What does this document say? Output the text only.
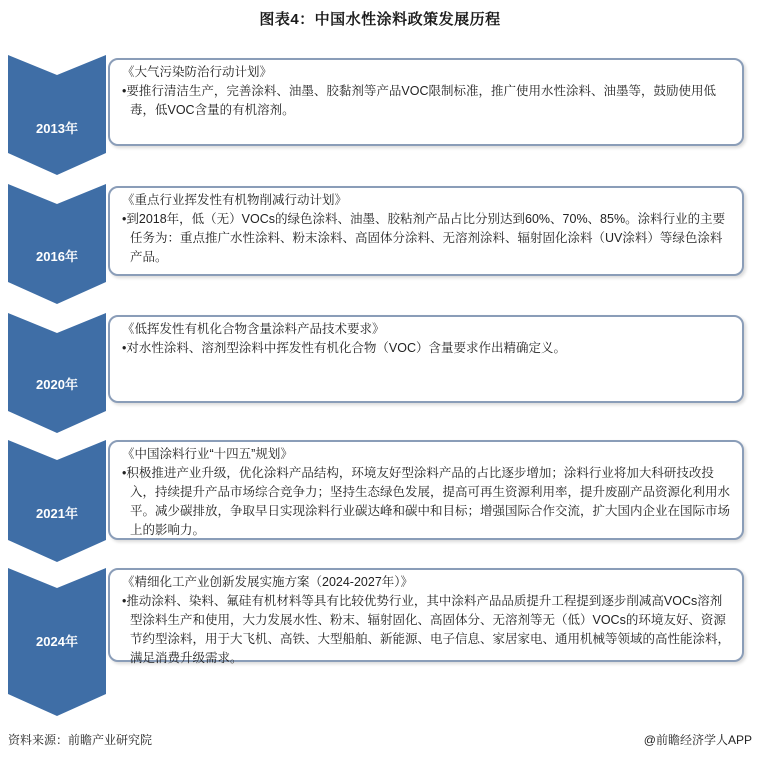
图表4：中国水性涂料政策发展历程
2013年
2016年
2020年
2021年
2024年
《大气污染防治行动计划》
•要推行清洁生产，完善涂料、油墨、胶黏剂等产品VOC限制标准，推广使用水性涂料、油墨等，鼓励使用低毒，低VOC含量的有机溶剂。
《重点行业挥发性有机物削减行动计划》
•到2018年，低（无）VOCs的绿色涂料、油墨、胶粘剂产品占比分别达到60%、70%、85%。涂料行业的主要任务为：重点推广水性涂料、粉末涂料、高固体分涂料、无溶剂涂料、辐射固化涂料（UV涂料）等绿色涂料产品。
《低挥发性有机化合物含量涂料产品技术要求》
•对水性涂料、溶剂型涂料中挥发性有机化合物（VOC）含量要求作出精确定义。
《中国涂料行业“十四五”规划》
•积极推进产业升级，优化涂料产品结构，环境友好型涂料产品的占比逐步增加；涂料行业将加大科研技改投入，持续提升产品市场综合竞争力；坚持生态绿色发展，提高可再生资源利用率，提升废副产品资源化利用水平。减少碳排放，争取早日实现涂料行业碳达峰和碳中和目标；增强国际合作交流，扩大国内企业在国际市场上的影响力。
《精细化工产业创新发展实施方案（2024-2027年）》
•推动涂料、染料、氟硅有机材料等具有比较优势行业，其中涂料产品品质提升工程提到逐步削减高VOCs溶剂型涂料生产和使用，大力发展水性、粉末、辐射固化、高固体分、无溶剂等无（低）VOCs的环境友好、资源节约型涂料，用于大飞机、高铁、大型船舶、新能源、电子信息、家居家电、通用机械等领域的高性能涂料，满足消费升级需求。
资料来源：前瞻产业研究院	@前瞻经济学人APP
